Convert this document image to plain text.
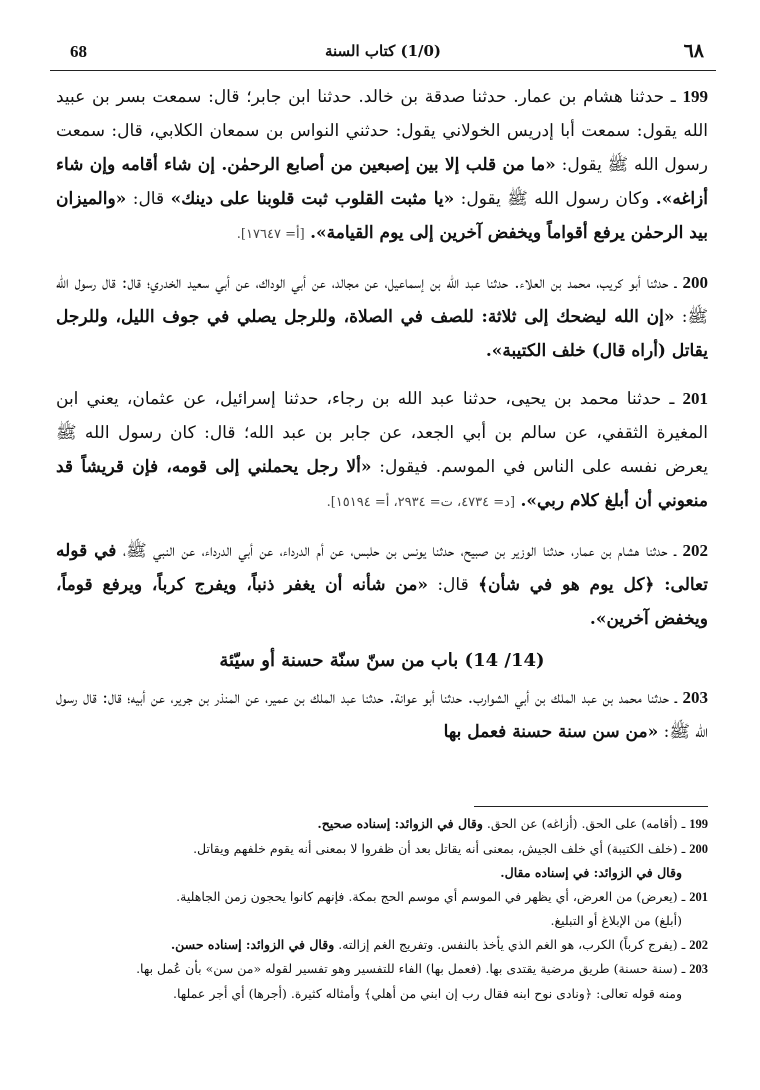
68	(1/0) كتاب السنة	٦٨

199 ـ حدثنا هشام بن عمار. حدثنا صدقة بن خالد. حدثنا ابن جابر؛ قال: سمعت بسر بن عبيد الله يقول: سمعت أبا إدريس الخولاني يقول: حدثني النواس بن سمعان الكلابي، قال: سمعت رسول الله ﷺ يقول: «ما من قلب إلا بين إصبعين من أصابع الرحمٰن. إن شاء أقامه وإن شاء أزاغه». وكان رسول الله ﷺ يقول: «يا مثبت القلوب ثبت قلوبنا على دينك» قال: «والميزان بيد الرحمٰن يرفع أقواماً ويخفض آخرين إلى يوم القيامة». [أ= ١٧٦٤٧].

200 ـ حدثنا أبو كريب، محمد بن العلاء. حدثنا عبد الله بن إسماعيل، عن مجالد، عن أبي الوداك، عن أبي سعيد الخدري؛ قال: قال رسول الله ﷺ: «إن الله ليضحك إلى ثلاثة: للصف في الصلاة، وللرجل يصلي في جوف الليل، وللرجل يقاتل (أراه قال) خلف الكتيبة».

201 ـ حدثنا محمد بن يحيى، حدثنا عبد الله بن رجاء، حدثنا إسرائيل، عن عثمان، يعني ابن المغيرة الثقفي، عن سالم بن أبي الجعد، عن جابر بن عبد الله؛ قال: كان رسول الله ﷺ يعرض نفسه على الناس في الموسم. فيقول: «ألا رجل يحملني إلى قومه، فإن قريشاً قد منعوني أن أبلغ كلام ربي». [د= ٤٧٣٤، ت= ٢٩٣٤، أ= ١٥١٩٤].

202 ـ حدثنا هشام بن عمار، حدثنا الوزير بن صبيح، حدثنا يونس بن حلبس، عن أم الدرداء، عن أبي الدرداء، عن النبي ﷺ، في قوله تعالى: ﴿كل يوم هو في شأن﴾ قال: «من شأنه أن يغفر ذنباً، ويفرج كرباً، ويرفع قوماً، ويخفض آخرين».

(14/ 14) باب من سنّ سنّة حسنة أو سيّئة

203 ـ حدثنا محمد بن عبد الملك بن أبي الشوارب. حدثنا أبو عوانة. حدثنا عبد الملك بن عمير، عن المنذر بن جرير، عن أبيه؛ قال: قال رسول الله ﷺ: «من سن سنة حسنة فعمل بها

199 ـ (أقامه) على الحق. (أزاغه) عن الحق. وقال في الزوائد: إسناده صحيح.

200 ـ (خلف الكتيبة) أي خلف الجيش، بمعنى أنه يقاتل بعد أن ظفروا لا بمعنى أنه يقوم خلفهم ويقاتل.

وقال في الزوائد: في إسناده مقال.

201 ـ (يعرض) من العرض، أي يظهر في الموسم أي موسم الحج بمكة. فإنهم كانوا يحجون زمن الجاهلية.

(أبلغ) من الإبلاغ أو التبليغ.

202 ـ (يفرج كرباً) الكرب، هو الغم الذي يأخذ بالنفس. وتفريج الغم إزالته. وقال في الزوائد: إسناده حسن.

203 ـ (سنة حسنة) طريق مرضية يقتدى بها. (فعمل بها) الفاء للتفسير وهو تفسير لقوله «من سن» بأن عُمل بها.

ومنه قوله تعالى: ﴿ونادى نوح ابنه فقال رب إن ابني من أهلي﴾ وأمثاله كثيرة. (أجرها) أي أجر عملها.
